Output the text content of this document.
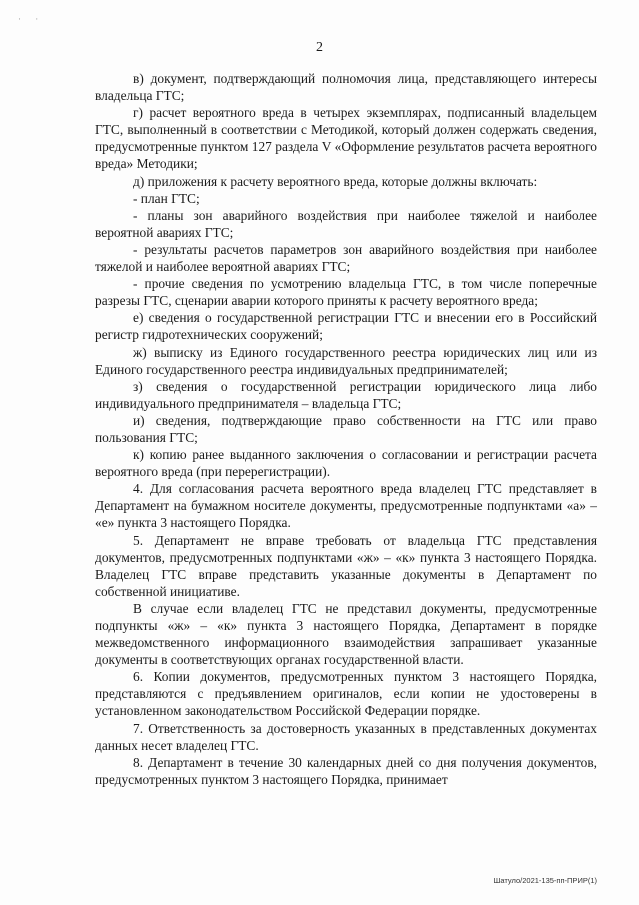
· ·
2

в) документ, подтверждающий полномочия лица, представляющего интересы владельца ГТС;

г) расчет вероятного вреда в четырех экземплярах, подписанный владельцем ГТС, выполненный в соответствии с Методикой, который должен содержать сведения, предусмотренные пунктом 127 раздела V «Оформление результатов расчета вероятного вреда» Методики;

д) приложения к расчету вероятного вреда, которые должны включать:

- план ГТС;

- планы зон аварийного воздействия при наиболее тяжелой и наиболее вероятной авариях ГТС;

- результаты расчетов параметров зон аварийного воздействия при наиболее тяжелой и наиболее вероятной авариях ГТС;

- прочие сведения по усмотрению владельца ГТС, в том числе поперечные разрезы ГТС, сценарии аварии которого приняты к расчету вероятного вреда;

е) сведения о государственной регистрации ГТС и внесении его в Российский регистр гидротехнических сооружений;

ж) выписку из Единого государственного реестра юридических лиц или из Единого государственного реестра индивидуальных предпринимателей;

з) сведения о государственной регистрации юридического лица либо индивидуального предпринимателя – владельца ГТС;

и) сведения, подтверждающие право собственности на ГТС или право пользования ГТС;

к) копию ранее выданного заключения о согласовании и регистрации расчета вероятного вреда (при перерегистрации).

4. Для согласования расчета вероятного вреда владелец ГТС представляет в Департамент на бумажном носителе документы, предусмотренные подпунктами «а» – «е» пункта 3 настоящего Порядка.

5. Департамент не вправе требовать от владельца ГТС представления документов, предусмотренных подпунктами «ж» – «к» пункта 3 настоящего Порядка. Владелец ГТС вправе представить указанные документы в Департамент по собственной инициативе.

В случае если владелец ГТС не представил документы, предусмотренные подпункты «ж» – «к» пункта 3 настоящего Порядка, Департамент в порядке межведомственного информационного взаимодействия запрашивает указанные документы в соответствующих органах государственной власти.

6. Копии документов, предусмотренных пунктом 3 настоящего Порядка, представляются с предъявлением оригиналов, если копии не удостоверены в установленном законодательством Российской Федерации порядке.

7. Ответственность за достоверность указанных в представленных документах данных несет владелец ГТС.

8. Департамент в течение 30 календарных дней со дня получения документов, предусмотренных пунктом 3 настоящего Порядка, принимает

Шатуло/2021-135-пп-ПРИР(1)
